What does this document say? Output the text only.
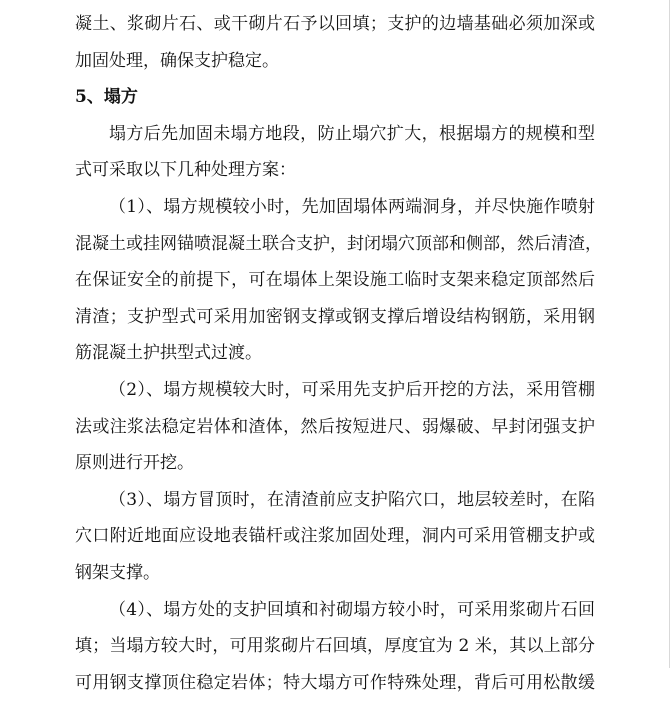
凝土、浆砌片石、或干砌片石予以回填；支护的边墙基础必须加深或
加固处理，确保支护稳定。

5、塌方

塌方后先加固未塌方地段，防止塌穴扩大，根据塌方的规模和型
式可采取以下几种处理方案：

（1）、塌方规模较小时，先加固塌体两端洞身，并尽快施作喷射
混凝土或挂网锚喷混凝土联合支护，封闭塌穴顶部和侧部，然后清渣，
在保证安全的前提下，可在塌体上架设施工临时支架来稳定顶部然后
清渣；支护型式可采用加密钢支撑或钢支撑后增设结构钢筋，采用钢
筋混凝土护拱型式过渡。

（2）、塌方规模较大时，可采用先支护后开挖的方法，采用管棚
法或注浆法稳定岩体和渣体，然后按短进尺、弱爆破、早封闭强支护
原则进行开挖。

（3）、塌方冒顶时，在清渣前应支护陷穴口，地层较差时，在陷
穴口附近地面应设地表锚杆或注浆加固处理，洞内可采用管棚支护或
钢架支撑。

（4）、塌方处的支护回填和衬砌塌方较小时，可采用浆砌片石回
填；当塌方较大时，可用浆砌片石回填，厚度宜为 2 米，其以上部分
可用钢支撑顶住稳定岩体；特大塌方可作特殊处理，背后可用松散缓
